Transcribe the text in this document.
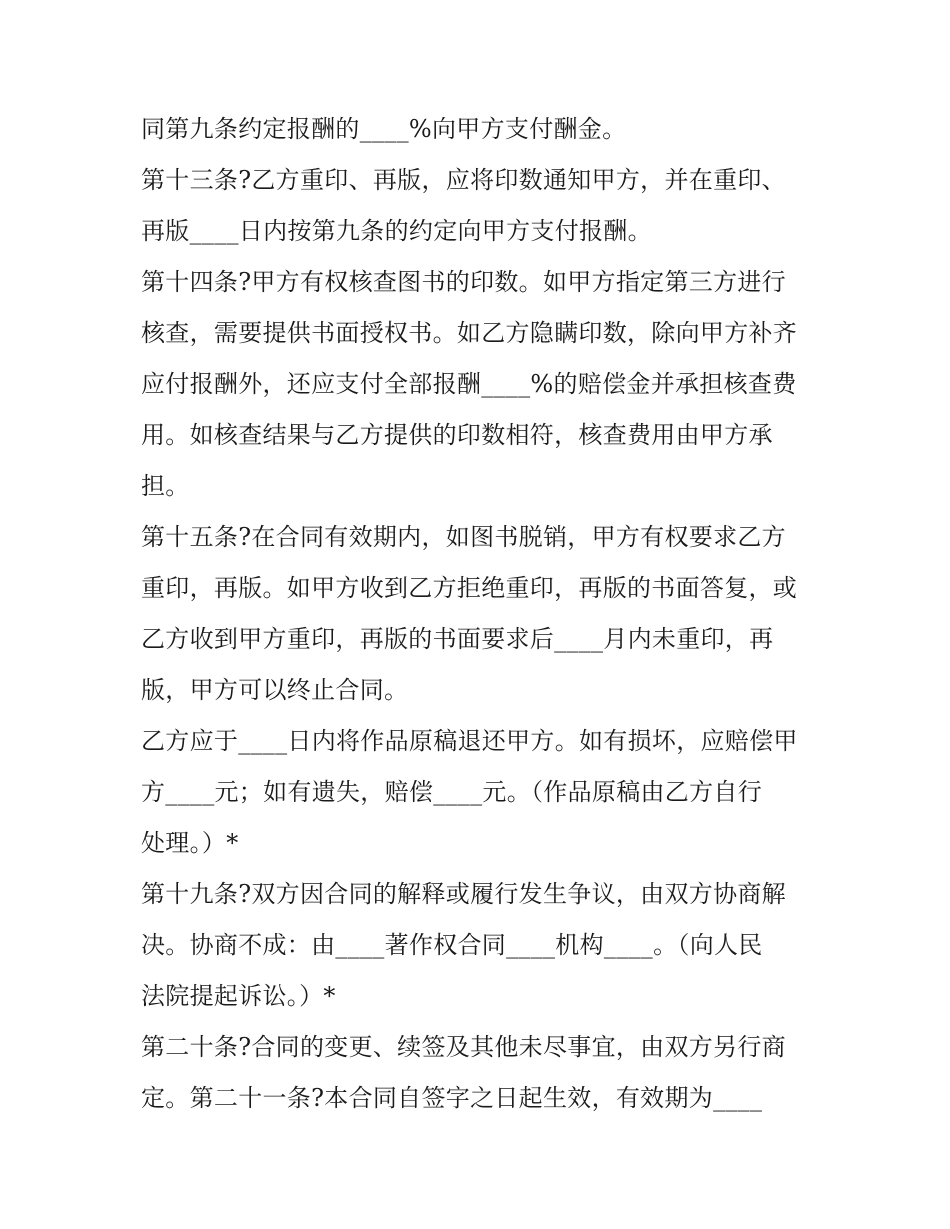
同第九条约定报酬的____%向甲方支付酬金。
第十三条?乙方重印、再版，应将印数通知甲方，并在重印、
再版____日内按第九条的约定向甲方支付报酬。
第十四条?甲方有权核查图书的印数。如甲方指定第三方进行
核查，需要提供书面授权书。如乙方隐瞒印数，除向甲方补齐
应付报酬外，还应支付全部报酬____%的赔偿金并承担核查费
用。如核查结果与乙方提供的印数相符，核查费用由甲方承
担。
第十五条?在合同有效期内，如图书脱销，甲方有权要求乙方
重印，再版。如甲方收到乙方拒绝重印，再版的书面答复，或
乙方收到甲方重印，再版的书面要求后____月内未重印，再
版，甲方可以终止合同。
乙方应于____日内将作品原稿退还甲方。如有损坏，应赔偿甲
方____元；如有遗失，赔偿____元。（作品原稿由乙方自行
处理。）*
第十九条?双方因合同的解释或履行发生争议，由双方协商解
决。协商不成：由____著作权合同____机构____。（向人民
法院提起诉讼。）*
第二十条?合同的变更、续签及其他未尽事宜，由双方另行商
定。第二十一条?本合同自签字之日起生效，有效期为____
